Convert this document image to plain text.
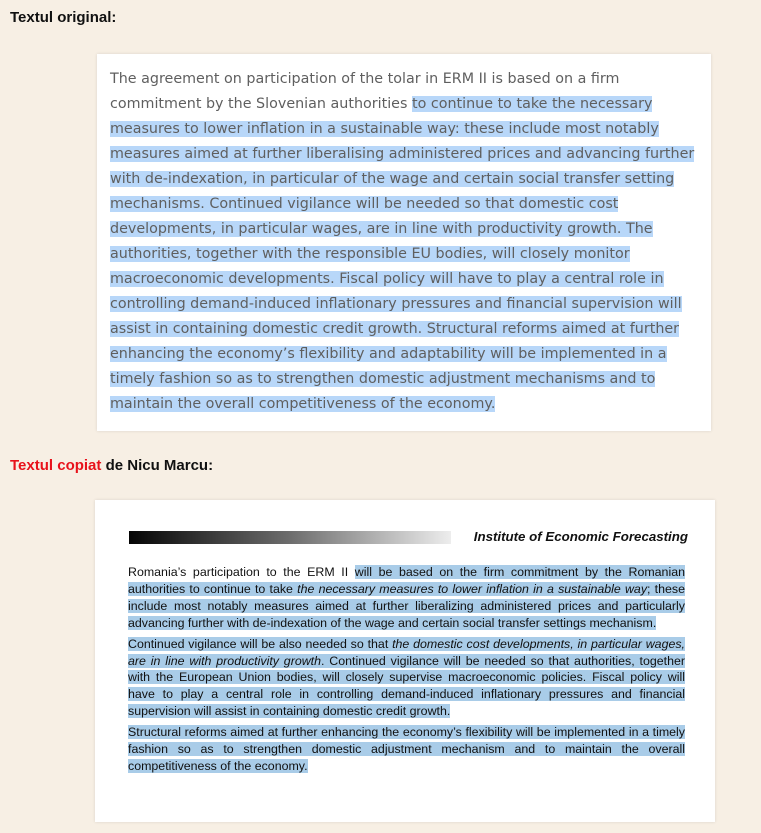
Textul original:

The agreement on participation of the tolar in ERM II is based on a firm commitment by the Slovenian authorities to continue to take the necessary measures to lower inflation in a sustainable way: these include most notably measures aimed at further liberalising administered prices and advancing further with de-indexation, in particular of the wage and certain social transfer setting mechanisms. Continued vigilance will be needed so that domestic cost developments, in particular wages, are in line with productivity growth. The authorities, together with the responsible EU bodies, will closely monitor macroeconomic developments. Fiscal policy will have to play a central role in controlling demand-induced inflationary pressures and financial supervision will assist in containing domestic credit growth. Structural reforms aimed at further enhancing the economy’s flexibility and adaptability will be implemented in a timely fashion so as to strengthen domestic adjustment mechanisms and to maintain the overall competitiveness of the economy.

Textul copiat de Nicu Marcu:
Institute of Economic Forecasting

Romania’s participation to the ERM II will be based on the firm commitment by the Romanian authorities to continue to take the necessary measures to lower inflation in a sustainable way; these include most notably measures aimed at further liberalizing administered prices and particularly advancing further with de-indexation of the wage and certain social transfer settings mechanism.

Continued vigilance will be also needed so that the domestic cost developments, in particular wages, are in line with productivity growth. Continued vigilance will be needed so that authorities, together with the European Union bodies, will closely supervise macroeconomic policies. Fiscal policy will have to play a central role in controlling demand-induced inflationary pressures and financial supervision will assist in containing domestic credit growth.

Structural reforms aimed at further enhancing the economy’s flexibility will be implemented in a timely fashion so as to strengthen domestic adjustment mechanism and to maintain the overall competitiveness of the economy.
